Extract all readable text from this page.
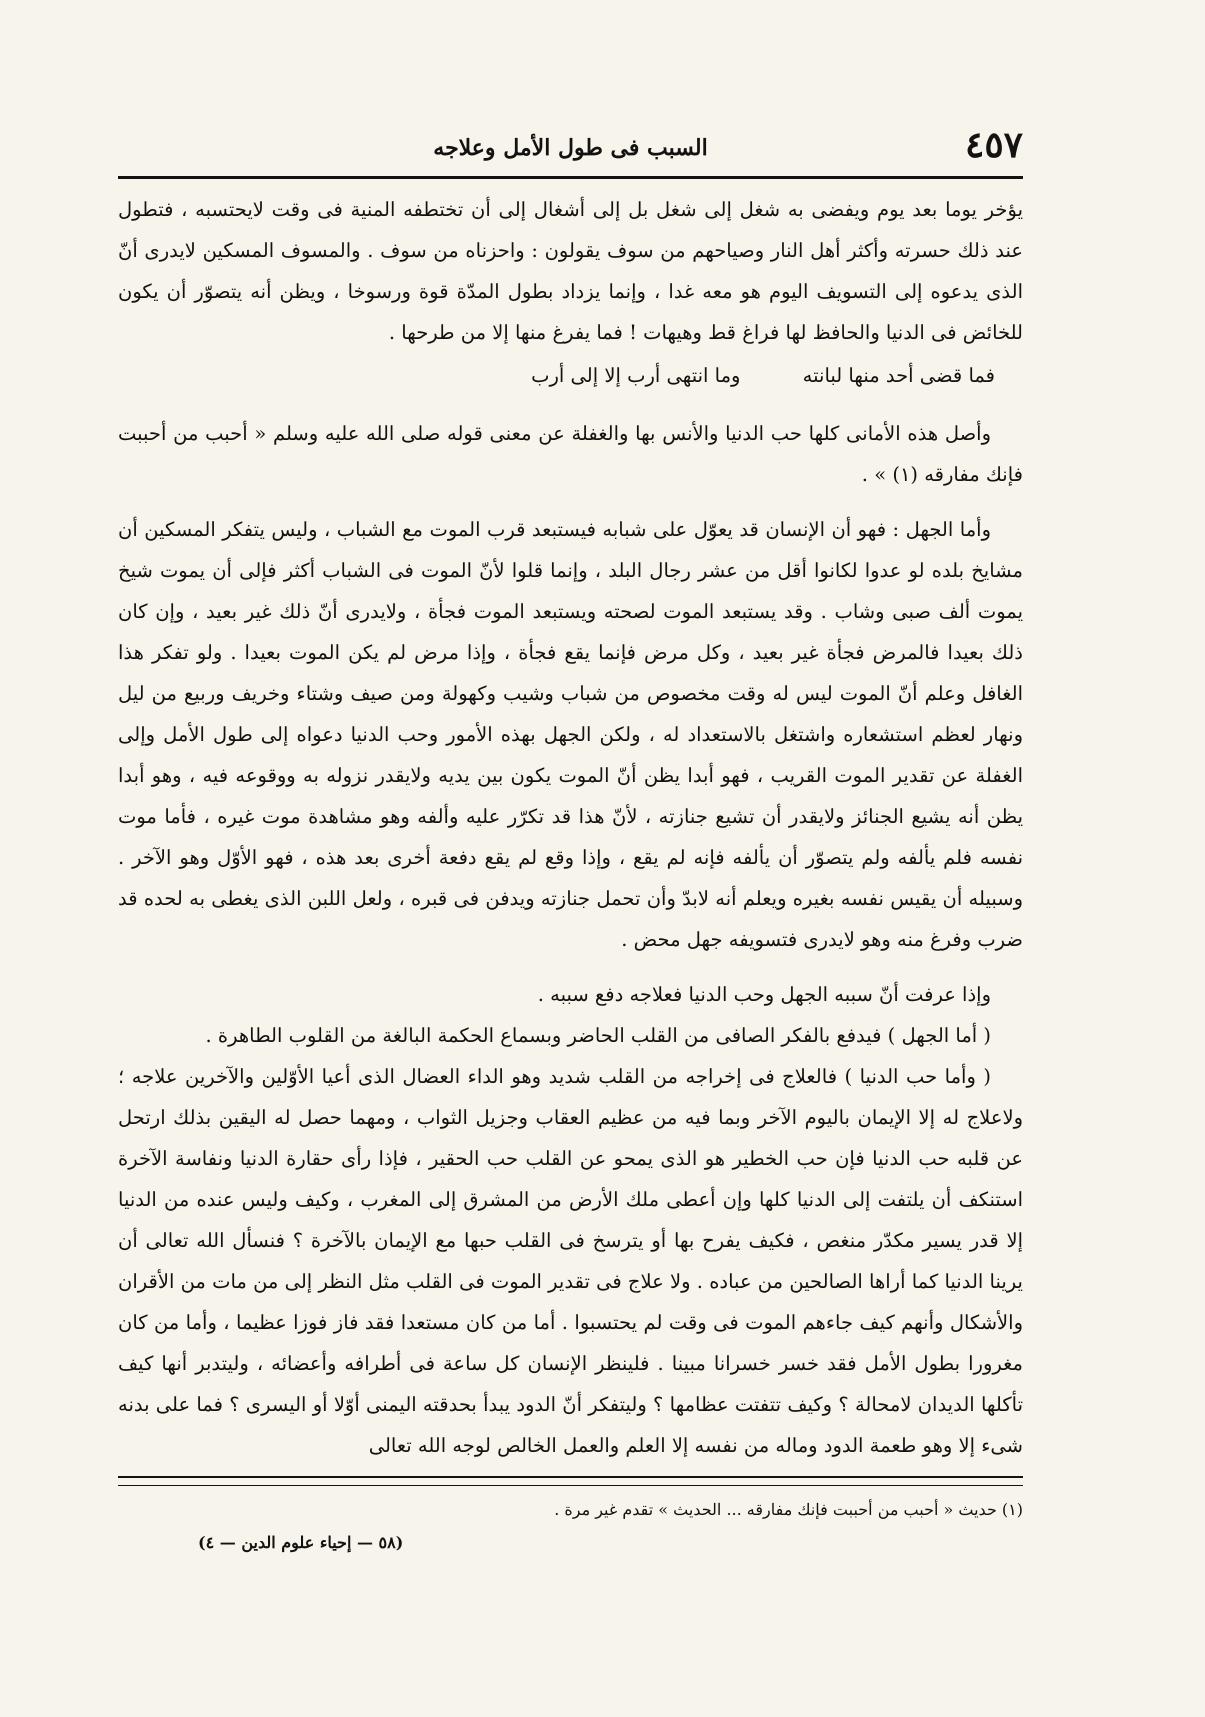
٤٥٧
السبب فى طول الأمل وعلاجه

يؤخر يوما بعد يوم ويفضى به شغل إلى شغل بل إلى أشغال إلى أن تختطفه المنية فى وقت لايحتسبه ، فتطول عند ذلك حسرته وأكثر أهل النار وصياحهم من سوف يقولون : واحزناه من سوف . والمسوف المسكين لايدرى أنّ الذى يدعوه إلى التسويف اليوم هو معه غدا ، وإنما يزداد بطول المدّة قوة ورسوخا ، ويظن أنه يتصوّر أن يكون للخائض فى الدنيا والحافظ لها فراغ قط وهيهات ! فما يفرغ منها إلا من طرحها .

فما قضى أحد منها لبانته وما انتهى أرب إلا إلى أرب

وأصل هذه الأمانى كلها حب الدنيا والأنس بها والغفلة عن معنى قوله صلى الله عليه وسلم « أحبب من أحببت فإنك مفارقه (١) » .

وأما الجهل : فهو أن الإنسان قد يعوّل على شبابه فيستبعد قرب الموت مع الشباب ، وليس يتفكر المسكين أن مشايخ بلده لو عدوا لكانوا أقل من عشر رجال البلد ، وإنما قلوا لأنّ الموت فى الشباب أكثر فإلى أن يموت شيخ يموت ألف صبى وشاب . وقد يستبعد الموت لصحته ويستبعد الموت فجأة ، ولايدرى أنّ ذلك غير بعيد ، وإن كان ذلك بعيدا فالمرض فجأة غير بعيد ، وكل مرض فإنما يقع فجأة ، وإذا مرض لم يكن الموت بعيدا . ولو تفكر هذا الغافل وعلم أنّ الموت ليس له وقت مخصوص من شباب وشيب وكهولة ومن صيف وشتاء وخريف وربيع من ليل ونهار لعظم استشعاره واشتغل بالاستعداد له ، ولكن الجهل بهذه الأمور وحب الدنيا دعواه إلى طول الأمل وإلى الغفلة عن تقدير الموت القريب ، فهو أبدا يظن أنّ الموت يكون بين يديه ولايقدر نزوله به ووقوعه فيه ، وهو أبدا يظن أنه يشيع الجنائز ولايقدر أن تشيع جنازته ، لأنّ هذا قد تكرّر عليه وألفه وهو مشاهدة موت غيره ، فأما موت نفسه فلم يألفه ولم يتصوّر أن يألفه فإنه لم يقع ، وإذا وقع لم يقع دفعة أخرى بعد هذه ، فهو الأوّل وهو الآخر . وسبيله أن يقيس نفسه بغيره ويعلم أنه لابدّ وأن تحمل جنازته ويدفن فى قبره ، ولعل اللبن الذى يغطى به لحده قد ضرب وفرغ منه وهو لايدرى فتسويفه جهل محض .

وإذا عرفت أنّ سببه الجهل وحب الدنيا فعلاجه دفع سببه .

( أما الجهل ) فيدفع بالفكر الصافى من القلب الحاضر وبسماع الحكمة البالغة من القلوب الطاهرة .

( وأما حب الدنيا ) فالعلاج فى إخراجه من القلب شديد وهو الداء العضال الذى أعيا الأوّلين والآخرين علاجه ؛ ولاعلاج له إلا الإيمان باليوم الآخر وبما فيه من عظيم العقاب وجزيل الثواب ، ومهما حصل له اليقين بذلك ارتحل عن قلبه حب الدنيا فإن حب الخطير هو الذى يمحو عن القلب حب الحقير ، فإذا رأى حقارة الدنيا ونفاسة الآخرة استنكف أن يلتفت إلى الدنيا كلها وإن أعطى ملك الأرض من المشرق إلى المغرب ، وكيف وليس عنده من الدنيا إلا قدر يسير مكدّر منغص ، فكيف يفرح بها أو يترسخ فى القلب حبها مع الإيمان بالآخرة ؟ فنسأل الله تعالى أن يرينا الدنيا كما أراها الصالحين من عباده . ولا علاج فى تقدير الموت فى القلب مثل النظر إلى من مات من الأقران والأشكال وأنهم كيف جاءهم الموت فى وقت لم يحتسبوا . أما من كان مستعدا فقد فاز فوزا عظيما ، وأما من كان مغرورا بطول الأمل فقد خسر خسرانا مبينا . فلينظر الإنسان كل ساعة فى أطرافه وأعضائه ، وليتدبر أنها كيف تأكلها الديدان لامحالة ؟ وكيف تتفتت عظامها ؟ وليتفكر أنّ الدود يبدأ بحدقته اليمنى أوّلا أو اليسرى ؟ فما على بدنه شىء إلا وهو طعمة الدود وماله من نفسه إلا العلم والعمل الخالص لوجه الله تعالى

(١) حديث « أحبب من أحببت فإنك مفارقه ... الحديث » تقدم غير مرة .

(٥٨ — إحياء علوم الدين — ٤)
